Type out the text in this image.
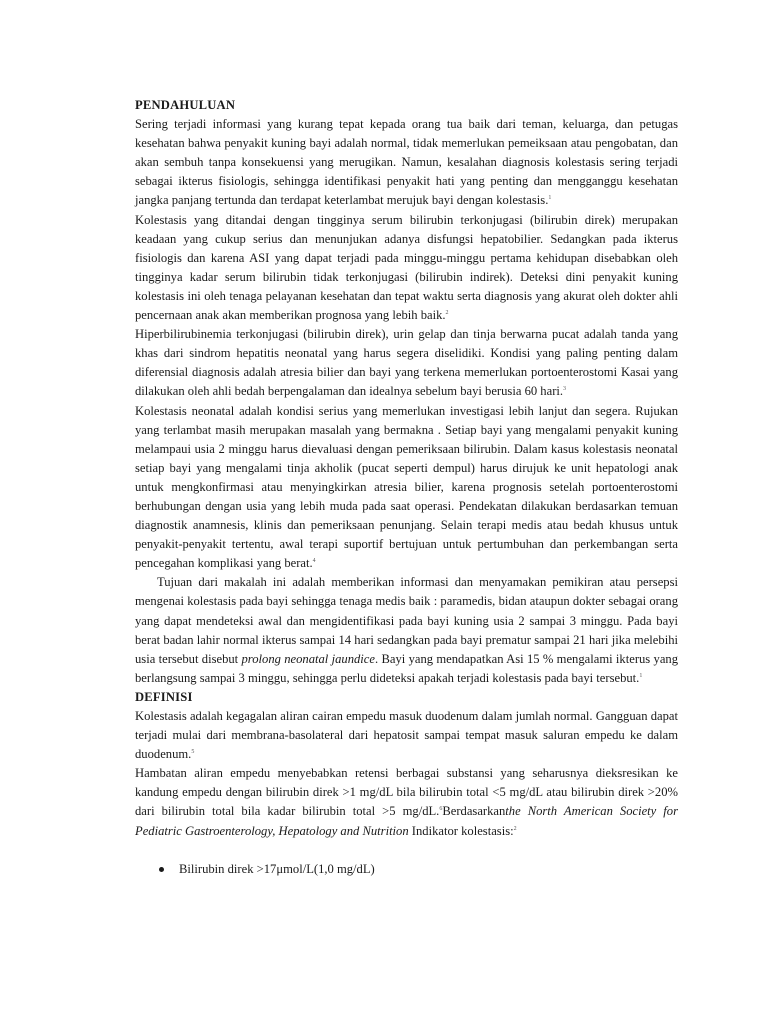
PENDAHULUAN

Sering terjadi informasi yang kurang tepat kepada orang tua baik dari teman, keluarga, dan petugas kesehatan bahwa penyakit kuning bayi adalah normal, tidak memerlukan pemeiksaan atau pengobatan, dan akan sembuh tanpa konsekuensi yang merugikan. Namun, kesalahan diagnosis kolestasis sering terjadi sebagai ikterus fisiologis, sehingga identifikasi penyakit hati yang penting dan mengganggu kesehatan jangka panjang tertunda dan terdapat keterlambat merujuk bayi dengan kolestasis.$^1$

Kolestasis yang ditandai dengan tingginya serum bilirubin terkonjugasi (bilirubin direk) merupakan keadaan yang cukup serius dan menunjukan adanya disfungsi hepatobilier. Sedangkan pada ikterus fisiologis dan karena ASI yang dapat terjadi pada minggu-minggu pertama kehidupan disebabkan oleh tingginya kadar serum bilirubin tidak terkonjugasi (bilirubin indirek). Deteksi dini penyakit kuning kolestasis ini oleh tenaga pelayanan kesehatan dan tepat waktu serta diagnosis yang akurat oleh dokter ahli pencernaan anak akan memberikan prognosa yang lebih baik.$^2$

Hiperbilirubinemia terkonjugasi (bilirubin direk), urin gelap dan tinja berwarna pucat adalah tanda yang khas dari sindrom hepatitis neonatal yang harus segera diselidiki. Kondisi yang paling penting dalam diferensial diagnosis adalah atresia bilier dan bayi yang terkena memerlukan portoenterostomi Kasai yang dilakukan oleh ahli bedah berpengalaman dan idealnya sebelum bayi berusia 60 hari.$^3$

Kolestasis neonatal adalah kondisi serius yang memerlukan investigasi lebih lanjut dan segera. Rujukan yang terlambat masih merupakan masalah yang bermakna . Setiap bayi yang mengalami penyakit kuning melampaui usia 2 minggu harus dievaluasi dengan pemeriksaan bilirubin. Dalam kasus kolestasis neonatal setiap bayi yang mengalami tinja akholik (pucat seperti dempul) harus dirujuk ke unit hepatologi anak untuk mengkonfirmasi atau menyingkirkan atresia bilier, karena prognosis setelah portoenterostomi berhubungan dengan usia yang lebih muda pada saat operasi. Pendekatan dilakukan berdasarkan temuan diagnostik anamnesis, klinis dan pemeriksaan penunjang. Selain terapi medis atau bedah khusus untuk penyakit-penyakit tertentu, awal terapi suportif bertujuan untuk pertumbuhan dan perkembangan serta pencegahan komplikasi yang berat.$^4$

Tujuan dari makalah ini adalah memberikan informasi dan menyamakan pemikiran atau persepsi mengenai kolestasis pada bayi sehingga tenaga medis baik : paramedis, bidan ataupun dokter sebagai orang yang dapat mendeteksi awal dan mengidentifikasi pada bayi kuning usia 2 sampai 3 minggu. Pada bayi berat badan lahir normal ikterus sampai 14 hari sedangkan pada bayi prematur sampai 21 hari jika melebihi usia tersebut disebut prolong neonatal jaundice. Bayi yang mendapatkan Asi 15 % mengalami ikterus yang berlangsung sampai 3 minggu, sehingga perlu dideteksi apakah terjadi kolestasis pada bayi tersebut.$^1$

DEFINISI

Kolestasis adalah kegagalan aliran cairan empedu masuk duodenum dalam jumlah normal. Gangguan dapat terjadi mulai dari membrana-basolateral dari hepatosit sampai tempat masuk saluran empedu ke dalam duodenum.$^5$

Hambatan aliran empedu menyebabkan retensi berbagai substansi yang seharusnya dieksresikan ke kandung empedu dengan bilirubin direk >1 mg/dL bila bilirubin total <5 mg/dL atau bilirubin direk >20% dari bilirubin total bila kadar bilirubin total >5 mg/dL.$^6$Berdasarkanthe North American Society for Pediatric Gastroenterology, Hepatology and Nutrition Indikator kolestasis:$^2$

Bilirubin direk >17μmol/L(1,0 mg/dL)
